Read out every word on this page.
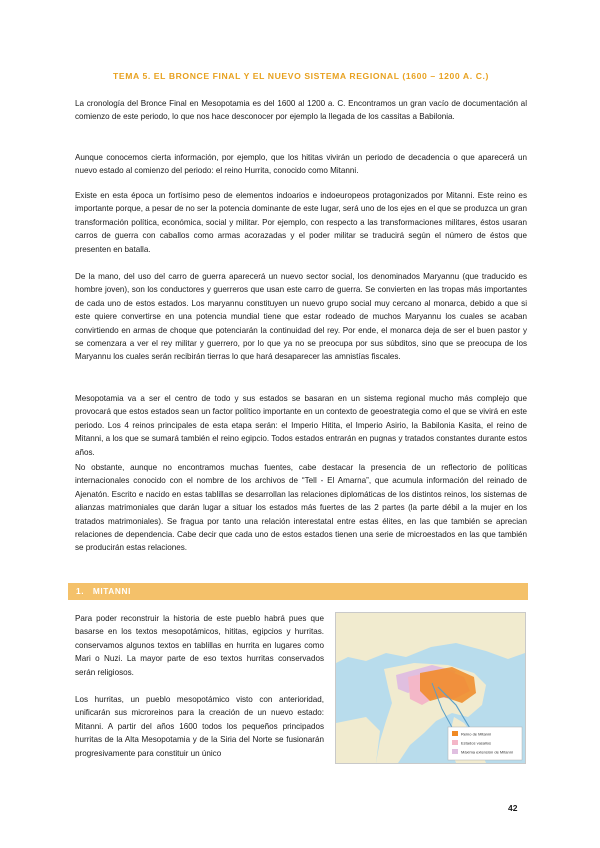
TEMA 5. EL BRONCE FINAL Y EL NUEVO SISTEMA REGIONAL (1600 – 1200 A. C.)

La cronología del Bronce Final en Mesopotamia es del 1600 al 1200 a. C. Encontramos un gran vacío de documentación al comienzo de este periodo, lo que nos hace desconocer por ejemplo la llegada de los cassitas a Babilonia.

Aunque conocemos cierta información, por ejemplo, que los hititas vivirán un periodo de decadencia o que aparecerá un nuevo estado al comienzo del periodo: el reino Hurrita, conocido como Mitanni.

Existe en esta época un fortísimo peso de elementos indoarios e indoeuropeos protagonizados por Mitanni. Este reino es importante porque, a pesar de no ser la potencia dominante de este lugar, será uno de los ejes en el que se produzca un gran transformación política, económica, social y militar. Por ejemplo, con respecto a las transformaciones militares, éstos usaran carros de guerra con caballos como armas acorazadas y el poder militar se traducirá según el número de éstos que presenten en batalla.

De la mano, del uso del carro de guerra aparecerá un nuevo sector social, los denominados Maryannu (que traducido es hombre joven), son los conductores y guerreros que usan este carro de guerra. Se convierten en las tropas más importantes de cada uno de estos estados. Los maryannu constituyen un nuevo grupo social muy cercano al monarca, debido a que si este quiere convertirse en una potencia mundial tiene que estar rodeado de muchos Maryannu los cuales se acaban convirtiendo en armas de choque que potenciarán la continuidad del rey. Por ende, el monarca deja de ser el buen pastor y se comenzara a ver el rey militar y guerrero, por lo que ya no se preocupa por sus súbditos, sino que se preocupa de los Maryannu los cuales serán recibirán tierras lo que hará desaparecer las amnistías fiscales.

Mesopotamia va a ser el centro de todo y sus estados se basaran en un sistema regional mucho más complejo que provocará que estos estados sean un factor político importante en un contexto de geoestrategia como el que se vivirá en este periodo. Los 4 reinos principales de esta etapa serán: el Imperio Hitita, el Imperio Asirio, la Babilonia Kasita, el reino de Mitanni, a los que se sumará también el reino egipcio. Todos estados entrarán en pugnas y tratados constantes durante estos años.

No obstante, aunque no encontramos muchas fuentes, cabe destacar la presencia de un reflectorio de políticas internacionales conocido con el nombre de los archivos de “Tell - El Amarna”, que acumula información del reinado de Ajenatón. Escrito e nacido en estas tablillas se desarrollan las relaciones diplomáticas de los distintos reinos, los sistemas de alianzas matrimoniales que darán lugar a situar los estados más fuertes de las 2 partes (la parte débil a la mujer en los tratados matrimoniales). Se fragua por tanto una relación interestatal entre estas élites, en las que también se aprecian relaciones de dependencia. Cabe decir que cada uno de estos estados tienen una serie de microestados en las que también se producirán estas relaciones.

1. MITANNI

Para poder reconstruir la historia de este pueblo habrá pues que basarse en los textos mesopotámicos, hititas, egipcios y hurritas. conservamos algunos textos en tablillas en hurrita en lugares como Mari o Nuzi. La mayor parte de eso textos hurritas conservados serán religiosos.

Los hurritas, un pueblo mesopotámico visto con anterioridad, unificarán sus microreinos para la creación de un nuevo estado: Mitanni. A partir del años 1600 todos los pequeños principados hurritas de la Alta Mesopotamia y de la Siria del Norte se fusionarán progresivamente para constituir un único

Reino de Mitanni
Estados vasallos
Máxima extensión de Mitanni
42
